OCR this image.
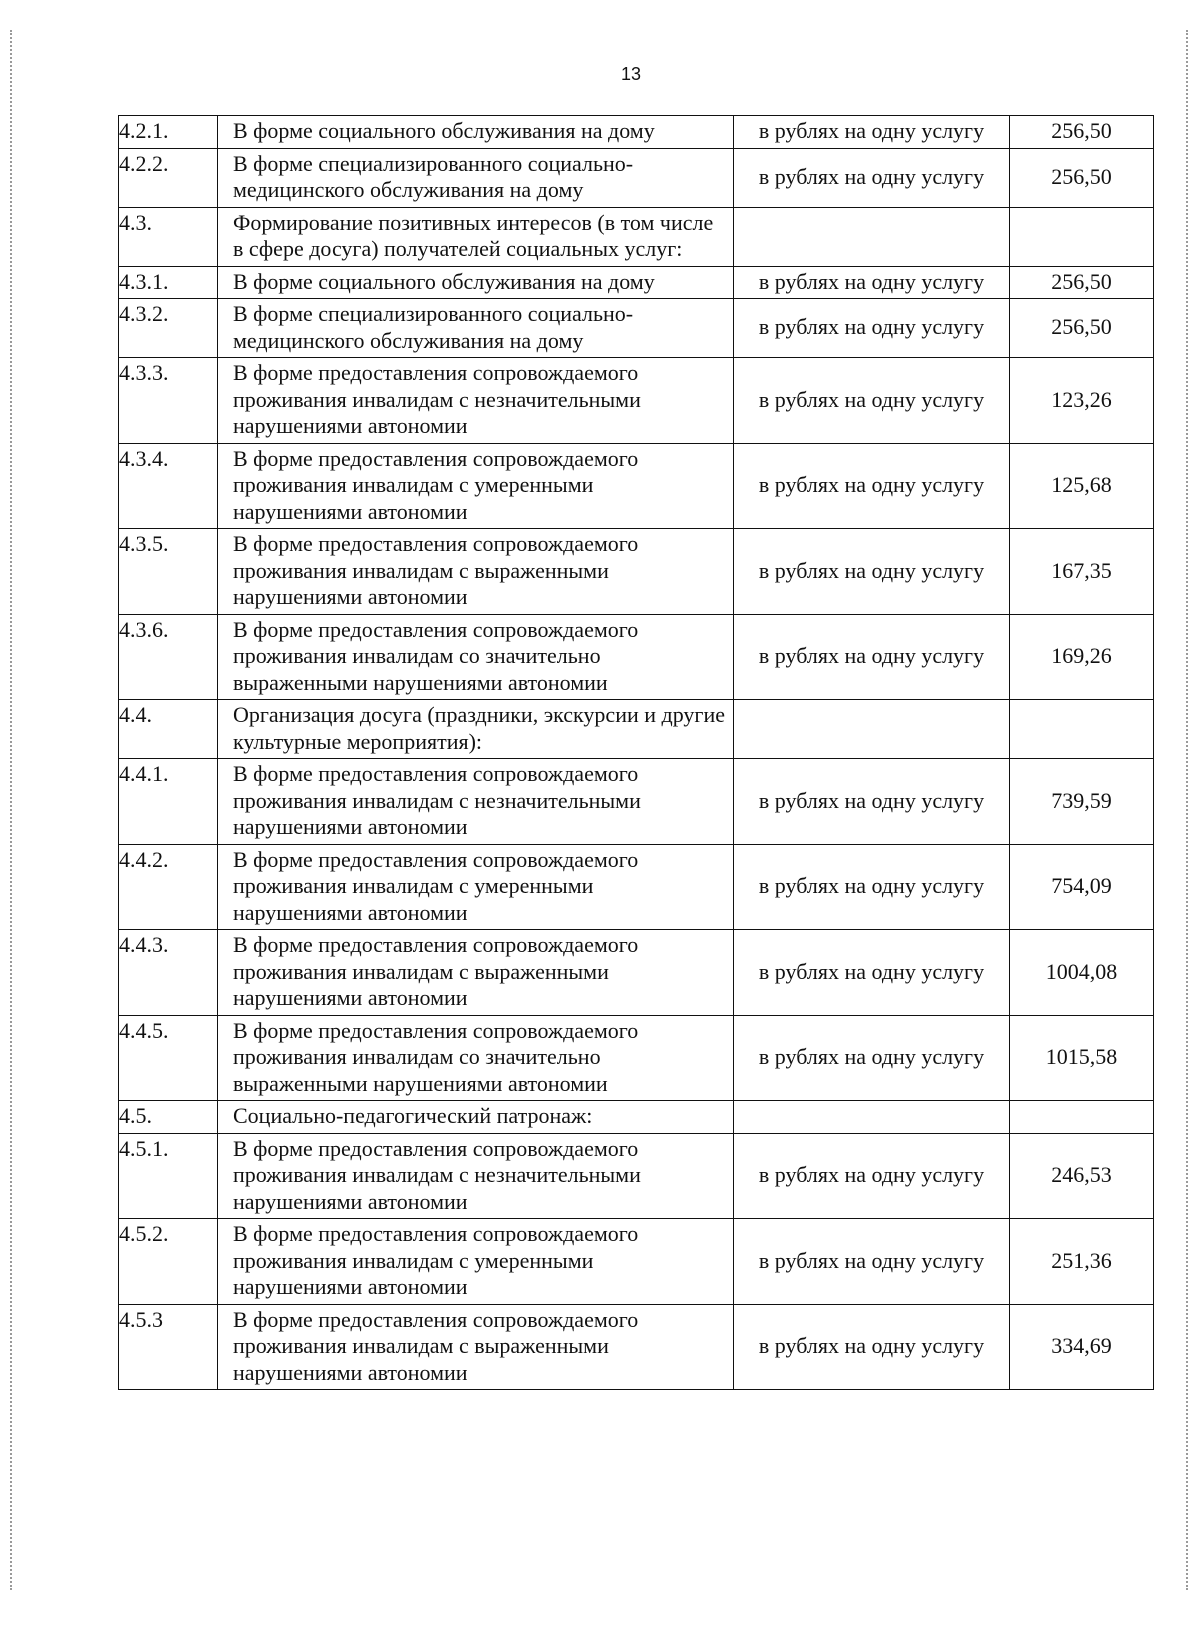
13
4.2.1.	В форме социального обслуживания на дому	в рублях на одну услугу	256,50
4.2.2.	В форме специализированного социально-медицинского обслуживания на дому	в рублях на одну услугу	256,50
4.3.	Формирование позитивных интересов (в том числе в сфере досуга) получателей социальных услуг:		
4.3.1.	В форме социального обслуживания на дому	в рублях на одну услугу	256,50
4.3.2.	В форме специализированного социально-медицинского обслуживания на дому	в рублях на одну услугу	256,50
4.3.3.	В форме предоставления сопровождаемого проживания инвалидам с незначительными нарушениями автономии	в рублях на одну услугу	123,26
4.3.4.	В форме предоставления сопровождаемого проживания инвалидам с умеренными нарушениями автономии	в рублях на одну услугу	125,68
4.3.5.	В форме предоставления сопровождаемого проживания инвалидам с выраженными нарушениями автономии	в рублях на одну услугу	167,35
4.3.6.	В форме предоставления сопровождаемого проживания инвалидам со значительно выраженными нарушениями автономии	в рублях на одну услугу	169,26
4.4.	Организация досуга (праздники, экскурсии и другие культурные мероприятия):		
4.4.1.	В форме предоставления сопровождаемого проживания инвалидам с незначительными нарушениями автономии	в рублях на одну услугу	739,59
4.4.2.	В форме предоставления сопровождаемого проживания инвалидам с умеренными нарушениями автономии	в рублях на одну услугу	754,09
4.4.3.	В форме предоставления сопровождаемого проживания инвалидам с выраженными нарушениями автономии	в рублях на одну услугу	1004,08
4.4.5.	В форме предоставления сопровождаемого проживания инвалидам со значительно выраженными нарушениями автономии	в рублях на одну услугу	1015,58
4.5.	Социально-педагогический патронаж:		
4.5.1.	В форме предоставления сопровождаемого проживания инвалидам с незначительными нарушениями автономии	в рублях на одну услугу	246,53
4.5.2.	В форме предоставления сопровождаемого проживания инвалидам с умеренными нарушениями автономии	в рублях на одну услугу	251,36
4.5.3	В форме предоставления сопровождаемого проживания инвалидам с выраженными нарушениями автономии	в рублях на одну услугу	334,69
